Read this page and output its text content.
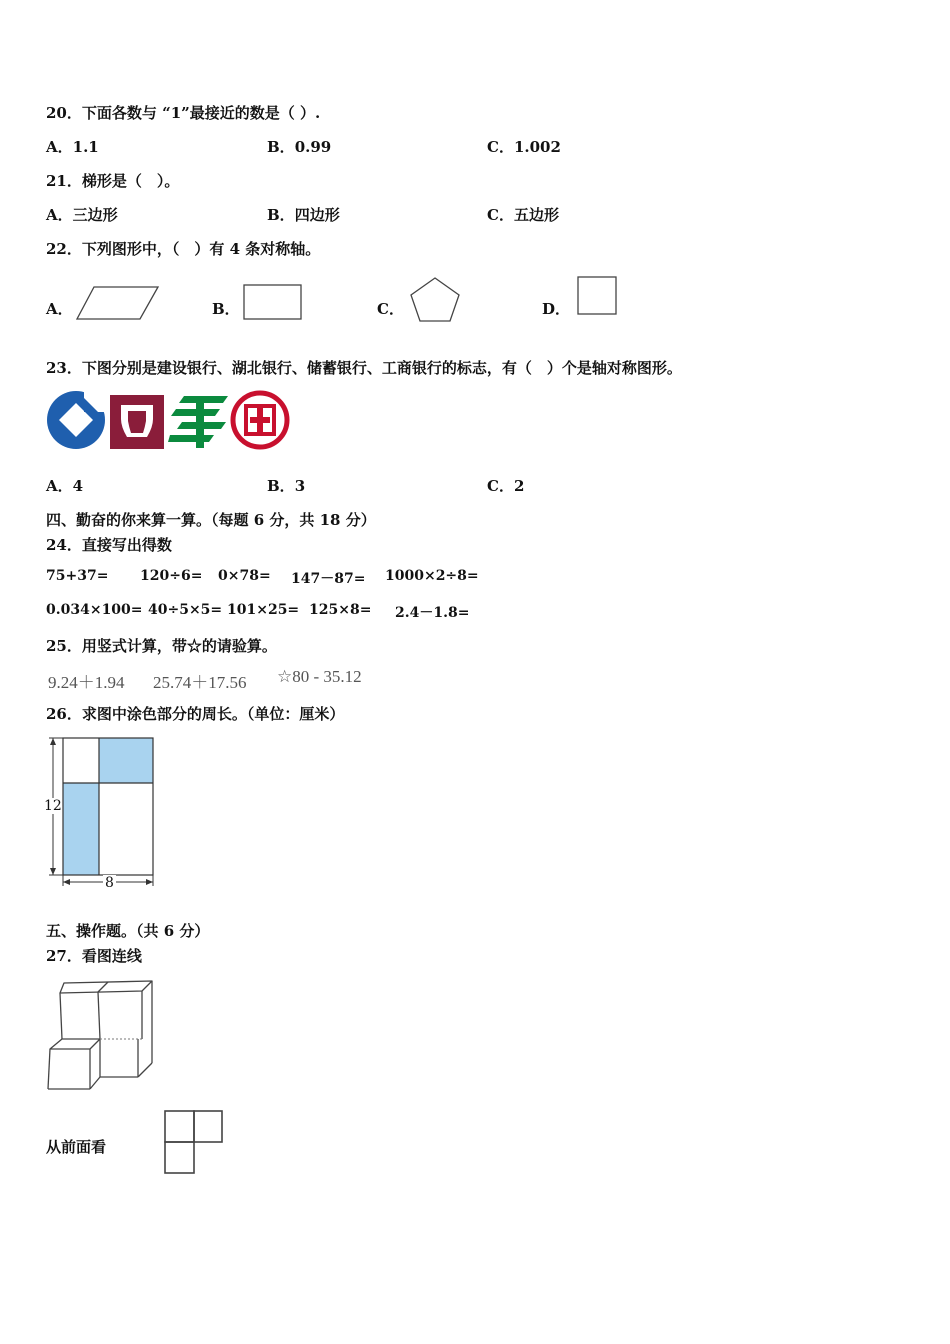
20．下面各数与 “1”最接近的数是（ ）.
A．1.1	B．0.99	C．1.002
21．梯形是（　）。
A．三边形	B．四边形	C．五边形
22．下列图形中，（　）有 4 条对称轴。
A．	B．	C．	D．
23．下图分别是建设银行、湖北银行、储蓄银行、工商银行的标志，有（　）个是轴对称图形。
A．4	B．3	C．2
四、勤奋的你来算一算。（每题 6 分，共 18 分）
24．直接写出得数
75+37= 120÷6= 0×78= 147－87= 1000×2÷8=
0.034×100= 40÷5×5= 101×25= 125×8= 2.4－1.8=
25．用竖式计算，带☆的请验算。
9.24＋1.94 25.74＋17.56 ☆80 - 35.12
26．求图中涂色部分的周长。（单位：厘米）
12
8
五、操作题。（共 6 分）
27．看图连线
从前面看
